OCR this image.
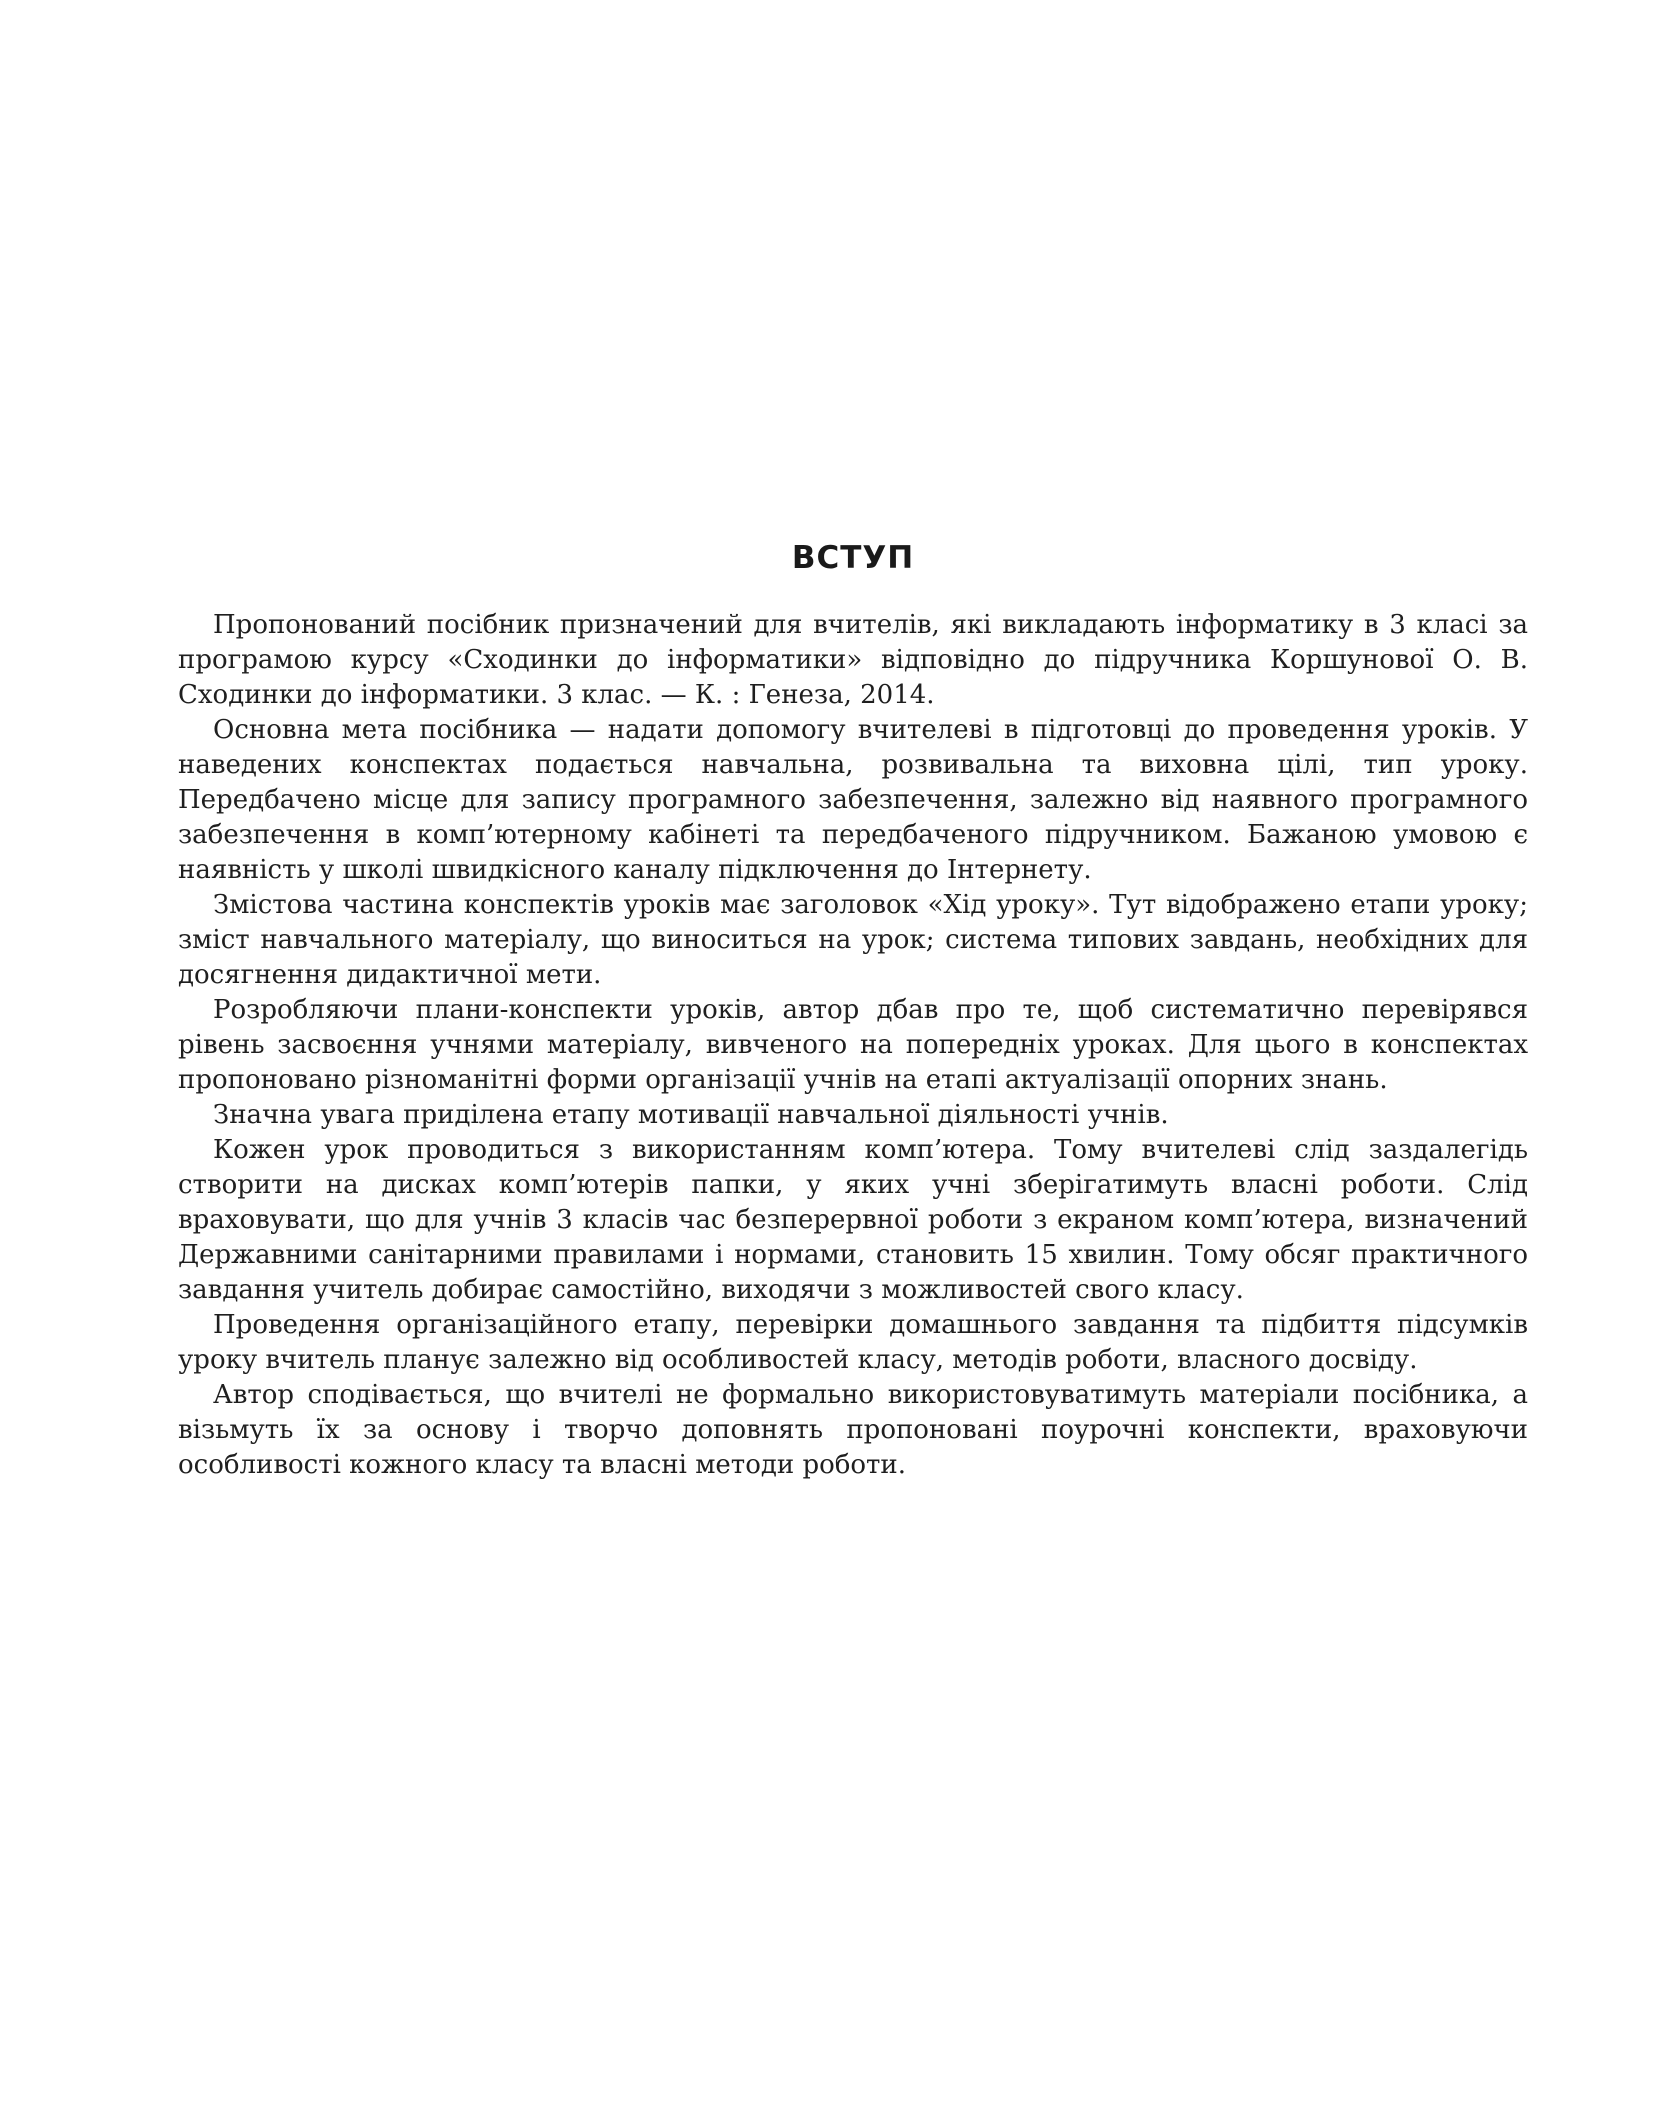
ВСТУП

Пропонований посібник призначений для вчителів, які викладають інформатику в 3 класі за програмою курсу «Сходинки до інформатики» відповідно до підручника Коршунової О. В. Сходинки до інформатики. 3 клас. — К. : Генеза, 2014.

Основна мета посібника — надати допомогу вчителеві в підготовці до проведення уроків. У наведених конспектах подається навчальна, розвивальна та виховна цілі, тип уроку. Передбачено місце для запису програмного забезпечення, залежно від наявного програмного забезпечення в комп’ютерному кабінеті та передбаченого підручником. Бажаною умовою є наявність у школі швидкісного каналу підключення до Інтернету.

Змістова частина конспектів уроків має заголовок «Хід уроку». Тут відображено етапи уроку; зміст навчального матеріалу, що виноситься на урок; система типових завдань, необхідних для досягнення дидактичної мети.

Розробляючи плани-конспекти уроків, автор дбав про те, щоб систематично перевірявся рівень засвоєння учнями матеріалу, вивченого на попередніх уроках. Для цього в конспектах пропоновано різноманітні форми організації учнів на етапі актуалізації опорних знань.

Значна увага приділена етапу мотивації навчальної діяльності учнів.

Кожен урок проводиться з використанням комп’ютера. Тому вчителеві слід заздалегідь створити на дисках комп’ютерів папки, у яких учні зберігатимуть власні роботи. Слід враховувати, що для учнів 3 класів час безперервної роботи з екраном комп’ютера, визначений Державними санітарними правилами і нормами, становить 15 хвилин. Тому обсяг практичного завдання учитель добирає самостійно, виходячи з можливостей свого класу.

Проведення організаційного етапу, перевірки домашнього завдання та підбиття підсумків уроку вчитель планує залежно від особливостей класу, методів роботи, власного досвіду.

Автор сподівається, що вчителі не формально використовуватимуть матеріали посібника, а візьмуть їх за основу і творчо доповнять пропоновані поурочні конспекти, враховуючи особливості кожного класу та власні методи роботи.
